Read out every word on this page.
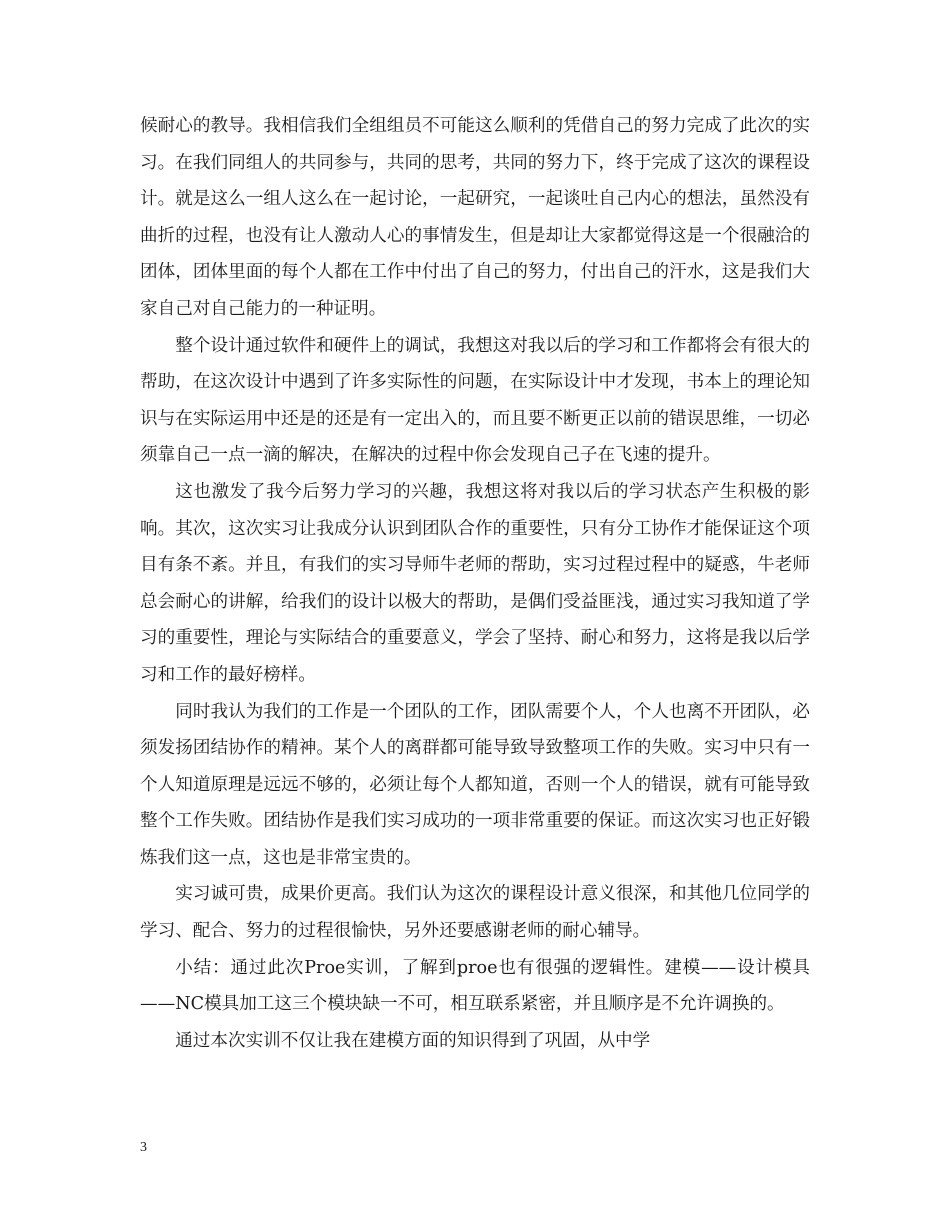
候耐心的教导。我相信我们全组组员不可能这么顺利的凭借自己的努力完成了此次的实习。在我们同组人的共同参与，共同的思考，共同的努力下，终于完成了这次的课程设计。就是这么一组人这么在一起讨论，一起研究，一起谈吐自己内心的想法，虽然没有曲折的过程，也没有让人激动人心的事情发生，但是却让大家都觉得这是一个很融洽的团体，团体里面的每个人都在工作中付出了自己的努力，付出自己的汗水，这是我们大家自己对自己能力的一种证明。

整个设计通过软件和硬件上的调试，我想这对我以后的学习和工作都将会有很大的帮助，在这次设计中遇到了许多实际性的问题，在实际设计中才发现，书本上的理论知识与在实际运用中还是的还是有一定出入的，而且要不断更正以前的错误思维，一切必须靠自己一点一滴的解决，在解决的过程中你会发现自己子在飞速的提升。

这也激发了我今后努力学习的兴趣，我想这将对我以后的学习状态产生积极的影响。其次，这次实习让我成分认识到团队合作的重要性，只有分工协作才能保证这个项目有条不紊。并且，有我们的实习导师牛老师的帮助，实习过程过程中的疑惑，牛老师总会耐心的讲解，给我们的设计以极大的帮助，是偶们受益匪浅，通过实习我知道了学习的重要性，理论与实际结合的重要意义，学会了坚持、耐心和努力，这将是我以后学习和工作的最好榜样。

同时我认为我们的工作是一个团队的工作，团队需要个人，个人也离不开团队，必须发扬团结协作的精神。某个人的离群都可能导致导致整项工作的失败。实习中只有一个人知道原理是远远不够的，必须让每个人都知道，否则一个人的错误，就有可能导致整个工作失败。团结协作是我们实习成功的一项非常重要的保证。而这次实习也正好锻炼我们这一点，这也是非常宝贵的。

实习诚可贵，成果价更高。我们认为这次的课程设计意义很深，和其他几位同学的学习、配合、努力的过程很愉快，另外还要感谢老师的耐心辅导。

小结：通过此次Proe实训，了解到proe也有很强的逻辑性。建模——设计模具——NC模具加工这三个模块缺一不可，相互联系紧密，并且顺序是不允许调换的。

通过本次实训不仅让我在建模方面的知识得到了巩固，从中学

3
